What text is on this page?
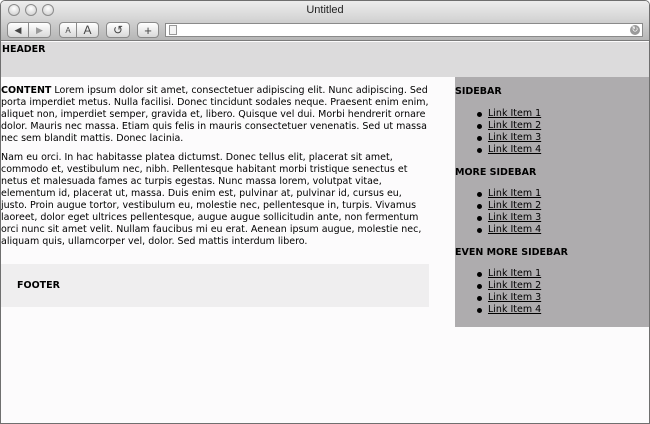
Untitled
◀ ▶	A	A	↺ +	↻
HEADER

CONTENT Lorem ipsum dolor sit amet, consectetuer adipiscing elit. Nunc adipiscing. Sed porta imperdiet metus. Nulla facilisi. Donec tincidunt sodales neque. Praesent enim enim, aliquet non, imperdiet semper, gravida et, libero. Quisque vel dui. Morbi hendrerit ornare dolor. Mauris nec massa. Etiam quis felis in mauris consectetuer venenatis. Sed ut massa nec sem blandit mattis. Donec lacinia.

Nam eu orci. In hac habitasse platea dictumst. Donec tellus elit, placerat sit amet, commodo et, vestibulum nec, nibh. Pellentesque habitant morbi tristique senectus et netus et malesuada fames ac turpis egestas. Nunc massa lorem, volutpat vitae, elementum id, placerat ut, massa. Duis enim est, pulvinar at, pulvinar id, cursus eu, justo. Proin augue tortor, vestibulum eu, molestie nec, pellentesque in, turpis. Vivamus laoreet, dolor eget ultrices pellentesque, augue augue sollicitudin ante, non fermentum orci nunc sit amet velit. Nullam faucibus mi eu erat. Aenean ipsum augue, molestie nec, aliquam quis, ullamcorper vel, dolor. Sed mattis interdum libero.

FOOTER
SIDEBAR
Link Item 1
Link Item 2
Link Item 3
Link Item 4
MORE SIDEBAR
Link Item 1
Link Item 2
Link Item 3
Link Item 4
EVEN MORE SIDEBAR
Link Item 1
Link Item 2
Link Item 3
Link Item 4
